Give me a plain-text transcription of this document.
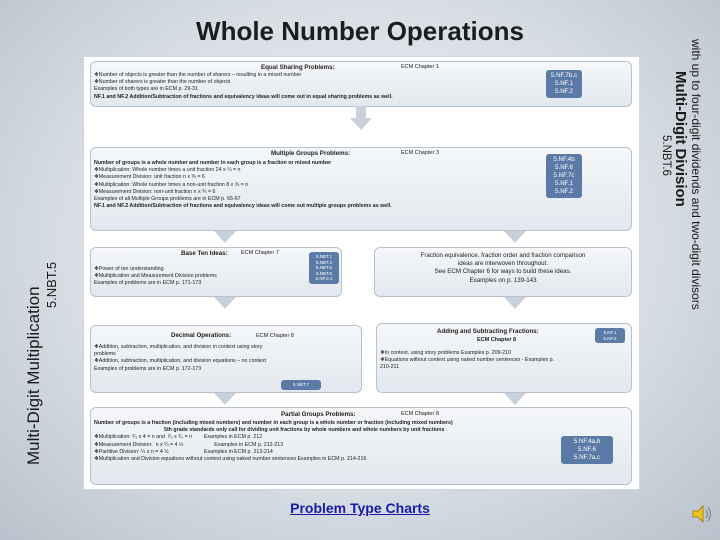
Whole Number Operations
Multi-Digit Multiplication
5.NBT.5	with up to four-digit dividends and two-digit divisors
Multi-Digit Division
5.NBT.6
Equal Sharing Problems:	ECM Chapter 1
❖Number of objects is greater than the number of sharers – resulting in a mixed number
❖Number of sharers is greater than the number of objects
Examples of both types are in ECM p. 29-31
NF.1 and NF.2 Addition/Subtraction of fractions and equivalency ideas will come out in equal sharing problems as well.
5.NF.7b,c
5.NF.1
5.NF.2
Multiple Groups Problems:	ECM Chapter 3
Number of groups is a whole number and number in each group is a fraction or mixed number
❖Multiplication: Whole number times a unit fraction 24 x ¼ = n
❖Measurement Division: unit fraction n x ¾ = 6
❖Multiplication: Whole number times a non-unit fraction 8 x ¾ = n
❖Measurement Division: non-unit fraction n x ¾ = 6
Examples of all Multiple Groups problems are in ECM p. 65-67
NF.1 and NF.2 Addition/Subtraction of fractions and equivalency ideas will come out multiple groups problems as well.
5.NF.4b
5.NF.6
5.NF.7c
5.NF.1
5.NF.2
Base Ten Ideas: ECM Chapter 7
❖Power of ten understanding
❖Multiplication and Measurement Division problems
Examples of problems are in ECM p. 171-173
5.NBT.1
5.NBT.2
5.NBT.5
5.NBT.6
5.NF.3.1
Fraction equivalence, fraction order and fraction comparison
ideas are interwoven throughout.
See ECM Chapter 6 for ways to build these ideas.
Examples on p. 139-143
Decimal Operations:	ECM Chapter 8
❖Addition, subtraction, multiplication, and division in context using story
problems
❖Addition, subtraction, multiplication, and division equations – no context
Examples of problems are in ECM p. 172-173
5.NBT.7
Adding and Subtracting Fractions:
ECM Chapter 8
❖In context, using story problems Examples p. 209-210
❖Equations without context using naked number sentences - Examples p.
210-211
5.NF.1
5.NF.2
Partial Groups Problems:	ECM Chapter 8
Number of groups is a fraction (including mixed numbers) and number in each group is a whole number or fraction (including mixed numbers)
5th grade standards only call for dividing unit fractions by whole numbers and whole numbers by unit fractions
❖Multiplication: ²⁄₃ x 4 = n and  ²⁄₃ x ³⁄₄ = n        Examples in ECM p. 212
❖Measurement Division:  n x ¼ = 4 ½                     Examples in ECM p. 212-213
❖Partitive Division: ¼ x n = 4 ½                        Examples in ECM p. 213-214
❖Multiplication and Division equations without context using naked number sentences Examples in ECM p. 214-216
5.NF.4a,b
5.NF.6
5.NF.7a,c
Problem Type Charts
